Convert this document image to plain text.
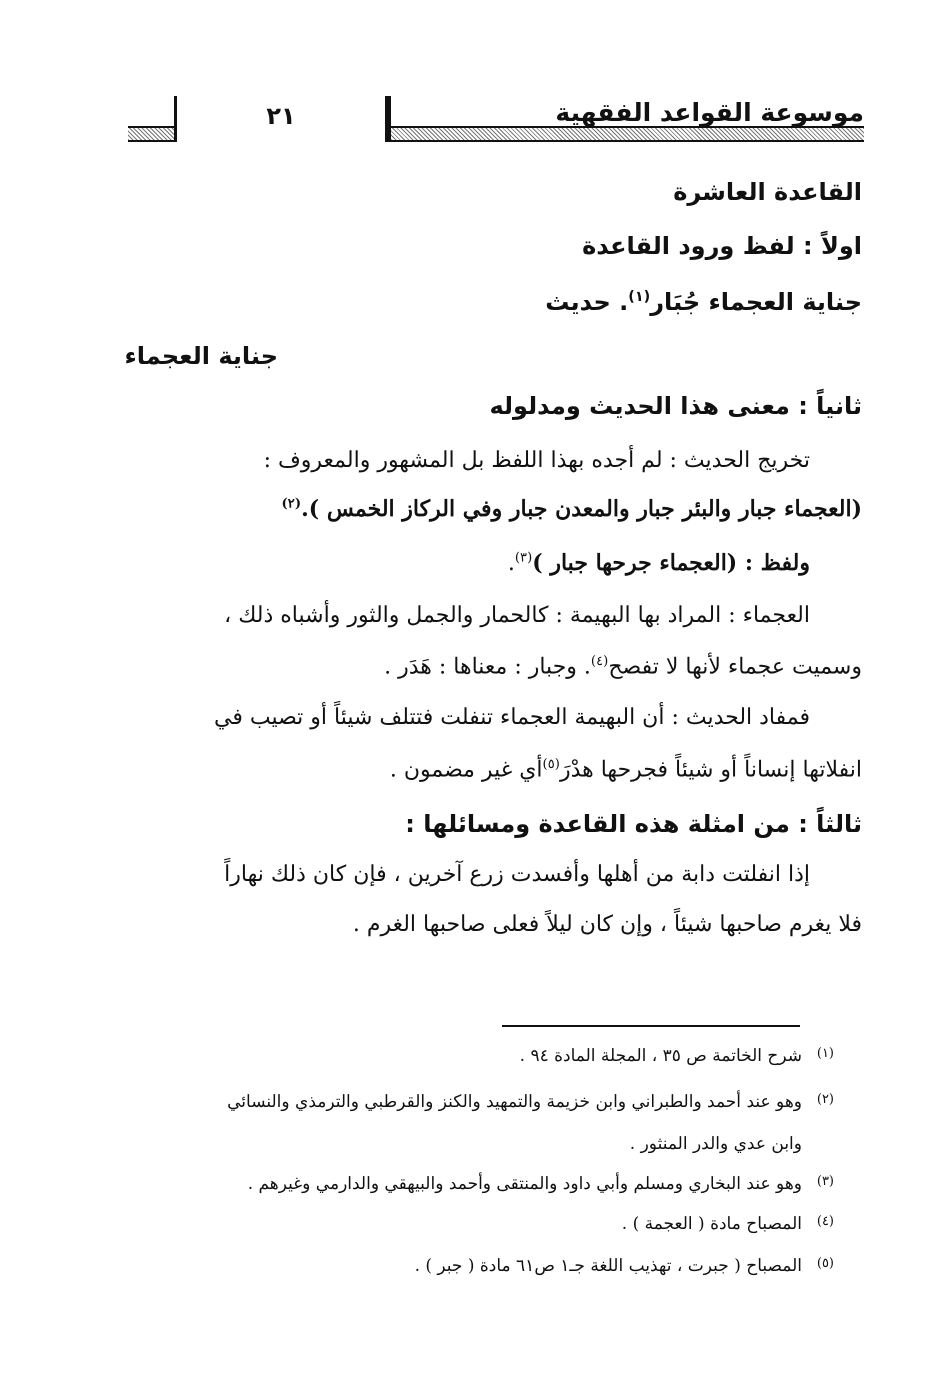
٢١	موسوعة القواعد الفقهية
القاعدة العاشرة
اولاً : لفظ ورود القاعدة
جناية العجماء جُبَار$^{(١)}$. حديث
جناية العجماء
ثانياً : معنى هذا الحديث ومدلوله
تخريج الحديث : لم أجده بهذا اللفظ بل المشهور والمعروف :
(العجماء جبار والبئر جبار والمعدن جبار وفي الركاز الخمس ).$^{(٢)}$
ولفظ : (العجماء جرحها جبار )$^{(٣)}$.
العجماء : المراد بها البهيمة : كالحمار والجمل والثور وأشباه ذلك ،
وسميت عجماء لأنها لا تفصح$^{(٤)}$. وجبار : معناها : هَدَر .
فمفاد الحديث : أن البهيمة العجماء تنفلت فتتلف شيئاً أو تصيب في
انفلاتها إنساناً أو شيئاً فجرحها هدْرَ$^{(٥)}$أي غير مضمون .
ثالثاً : من امثلة هذه القاعدة ومسائلها :
إذا انفلتت دابة من أهلها وأفسدت زرع آخرين ، فإن كان ذلك نهاراً
فلا يغرم صاحبها شيئاً ، وإن كان ليلاً فعلى صاحبها الغرم .
(١)
شرح الخاتمة ص ٣٥ ، المجلة المادة ٩٤ .
(٢)
وهو عند أحمد والطبراني وابن خزيمة والتمهيد والكنز والقرطبي والترمذي والنسائي
وابن عدي والدر المنثور .
(٣)
وهو عند البخاري ومسلم وأبي داود والمنتقى وأحمد والبيهقي والدارمي وغيرهم .
(٤)
المصباح مادة ( العجمة ) .
(٥)
المصباح ( جبرت ، تهذيب اللغة جـ١ ص٦١ مادة ( جبر ) .
